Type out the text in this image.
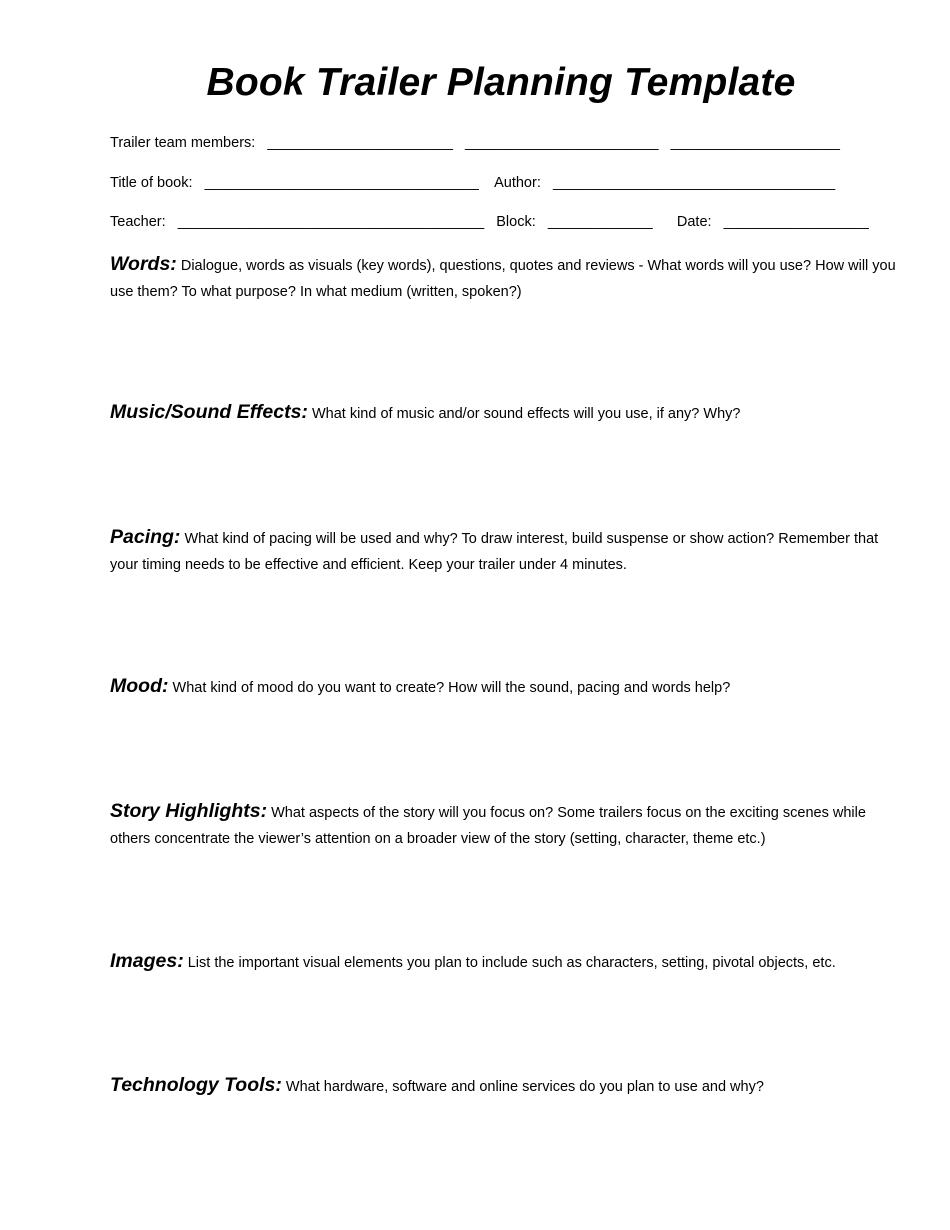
Book Trailer Planning Template
Trailer team members: _______________________ ________________________ _____________________
Title of book: __________________________________ Author: ___________________________________
Teacher: ______________________________________ Block: _____________ Date: __________________
Words: Dialogue, words as visuals (key words), questions, quotes and reviews - What words will you use? How will you use them? To what purpose? In what medium (written, spoken?)
Music/Sound Effects: What kind of music and/or sound effects will you use, if any? Why?
Pacing: What kind of pacing will be used and why? To draw interest, build suspense or show action? Remember that your timing needs to be effective and efficient. Keep your trailer under 4 minutes.
Mood: What kind of mood do you want to create? How will the sound, pacing and words help?
Story Highlights: What aspects of the story will you focus on? Some trailers focus on the exciting scenes while others concentrate the viewer’s attention on a broader view of the story (setting, character, theme etc.)
Images: List the important visual elements you plan to include such as characters, setting, pivotal objects, etc.
Technology Tools: What hardware, software and online services do you plan to use and why?
